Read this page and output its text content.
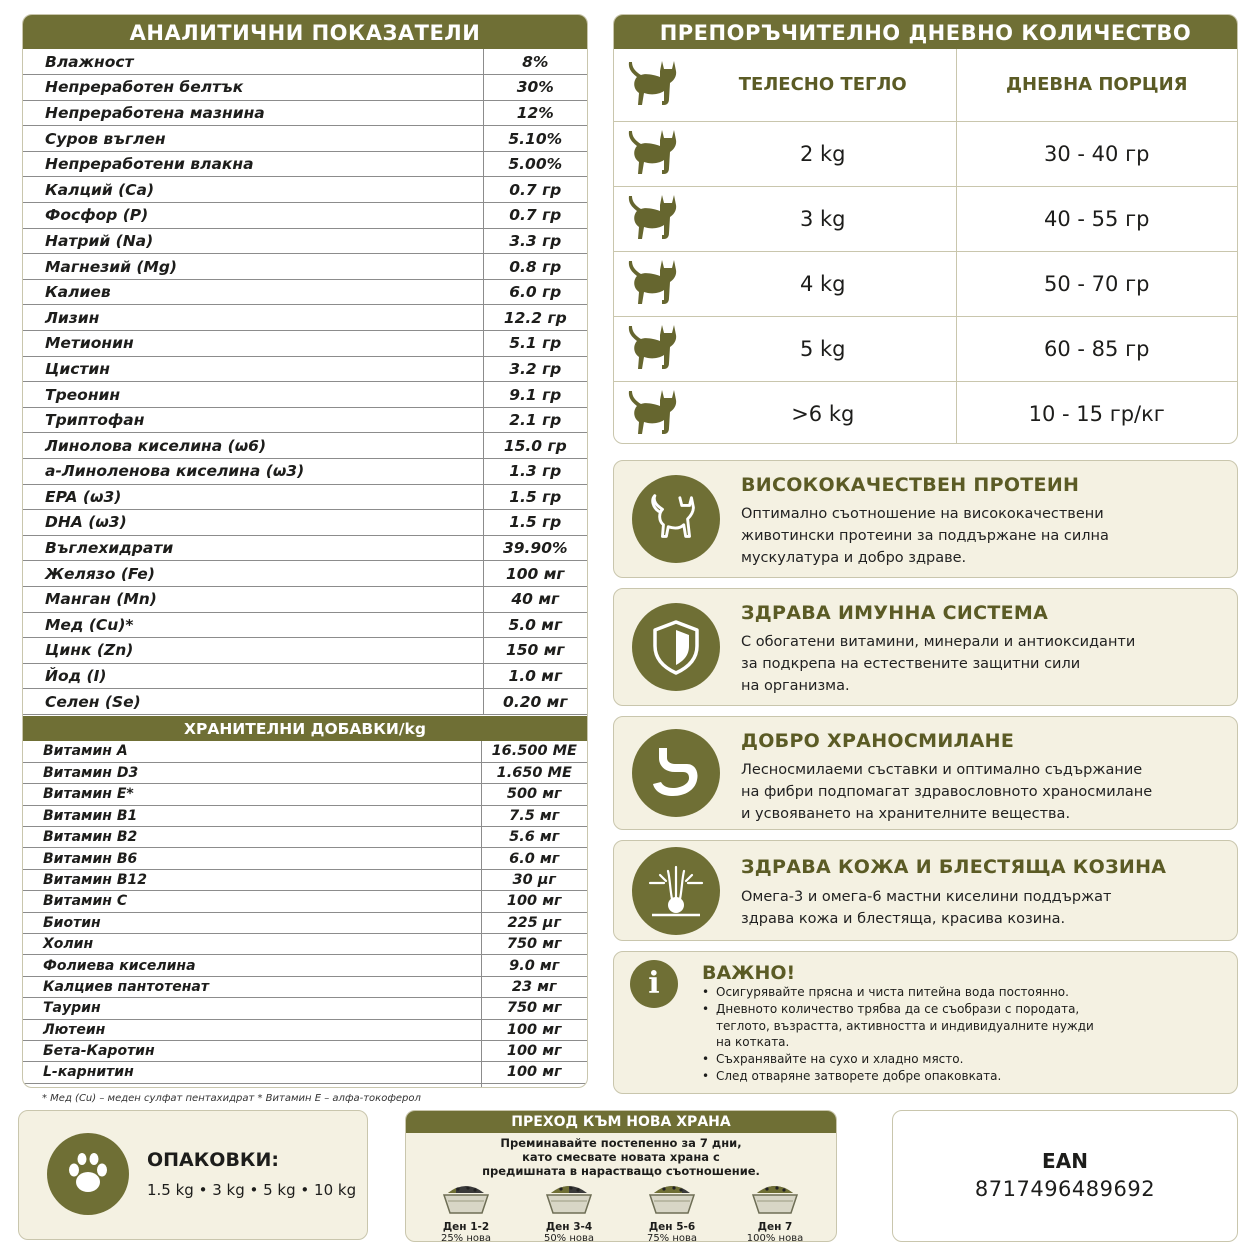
АНАЛИТИЧНИ ПОКАЗАТЕЛИ
Влажност	8%
Непреработен белтък	30%
Непреработена мазнина	12%
Суров въглен	5.10%
Непреработени влакна	5.00%
Калций (Ca)	0.7 гр
Фосфор (P)	0.7 гр
Натрий (Na)	3.3 гр
Магнезий (Mg)	0.8 гр
Калиев	6.0 гр
Лизин	12.2 гр
Метионин	5.1 гр
Цистин	3.2 гр
Треонин	9.1 гр
Триптофан	2.1 гр
Линолова киселина (ω6)	15.0 гр
а-Линоленова киселина (ω3)	1.3 гр
EPA (ω3)	1.5 гр
DHA (ω3)	1.5 гр
Въглехидрати	39.90%
Желязо (Fe)	100 мг
Манган (Mn)	40 мг
Мед (Cu)*	5.0 мг
Цинк (Zn)	150 мг
Йод (I)	1.0 мг
Селен (Se)	0.20 мг
ХРАНИТЕЛНИ ДОБАВКИ/kg
Витамин A	16.500 ME
Витамин D3	1.650 ME
Витамин E*	500 мг
Витамин B1	7.5 мг
Витамин B2	5.6 мг
Витамин B6	6.0 мг
Витамин B12	30 μг
Витамин C	100 мг
Биотин	225 μг
Холин	750 мг
Фолиева киселина	9.0 мг
Калциев пантотенат	23 мг
Таурин	750 мг
Лютеин	100 мг
Бета-Каротин	100 мг
L-карнитин	100 мг

* Мед (Cu) – меден сулфат пентахидрат * Витамин E – алфа-токоферол
ПРЕПОРЪЧИТЕЛНО ДНЕВНО КОЛИЧЕСТВО
	ТЕЛЕСНО ТЕГЛО	ДНЕВНА ПОРЦИЯ

	2 kg	30 - 40 гр

	3 kg	40 - 55 гр

	4 kg	50 - 70 гр

	5 kg	60 - 85 гр

	>6 kg	10 - 15 гр/кг
ВИСОКОКАЧЕСТВЕН ПРОТЕИН
Оптимално съотношение на висококачествени
животински протеини за поддържане на силна
мускулатура и добро здраве.
ЗДРАВА ИМУННА СИСТЕМА
С обогатени витамини, минерали и антиоксиданти
за подкрепа на естествените защитни сили
на организма.
ДОБРО ХРАНОСМИЛАНЕ
Лесносмилаеми съставки и оптимално съдържание
на фибри подпомагат здравословното храносмилане
и усвояването на хранителните вещества.
ЗДРАВА КОЖА И БЛЕСТЯЩА КОЗИНА
Омега-3 и омега-6 мастни киселини поддържат
здрава кожа и блестяща, красива козина.
i	ВАЖНО!
• Осигурявайте прясна и чиста питейна вода постоянно.
• Дневното количество трябва да се съобрази с породата,
теглото, възрастта, активността и индивидуалните нужди
на котката.
• Съхранявайте на сухо и хладно място.
• След отваряне затворете добре опаковката.
ОПАКОВКИ:
1.5 kg • 3 kg • 5 kg • 10 kg
ПРЕХОД КЪМ НОВА ХРАНА
Преминавайте постепенно за 7 дни,
като смесвате новата храна с
предишната в нарастващо съотношение.
Ден 1-2
25% нова
Ден 3-4
50% нова
Ден 5-6
75% нова
Ден 7
100% нова
EAN
8717496489692
